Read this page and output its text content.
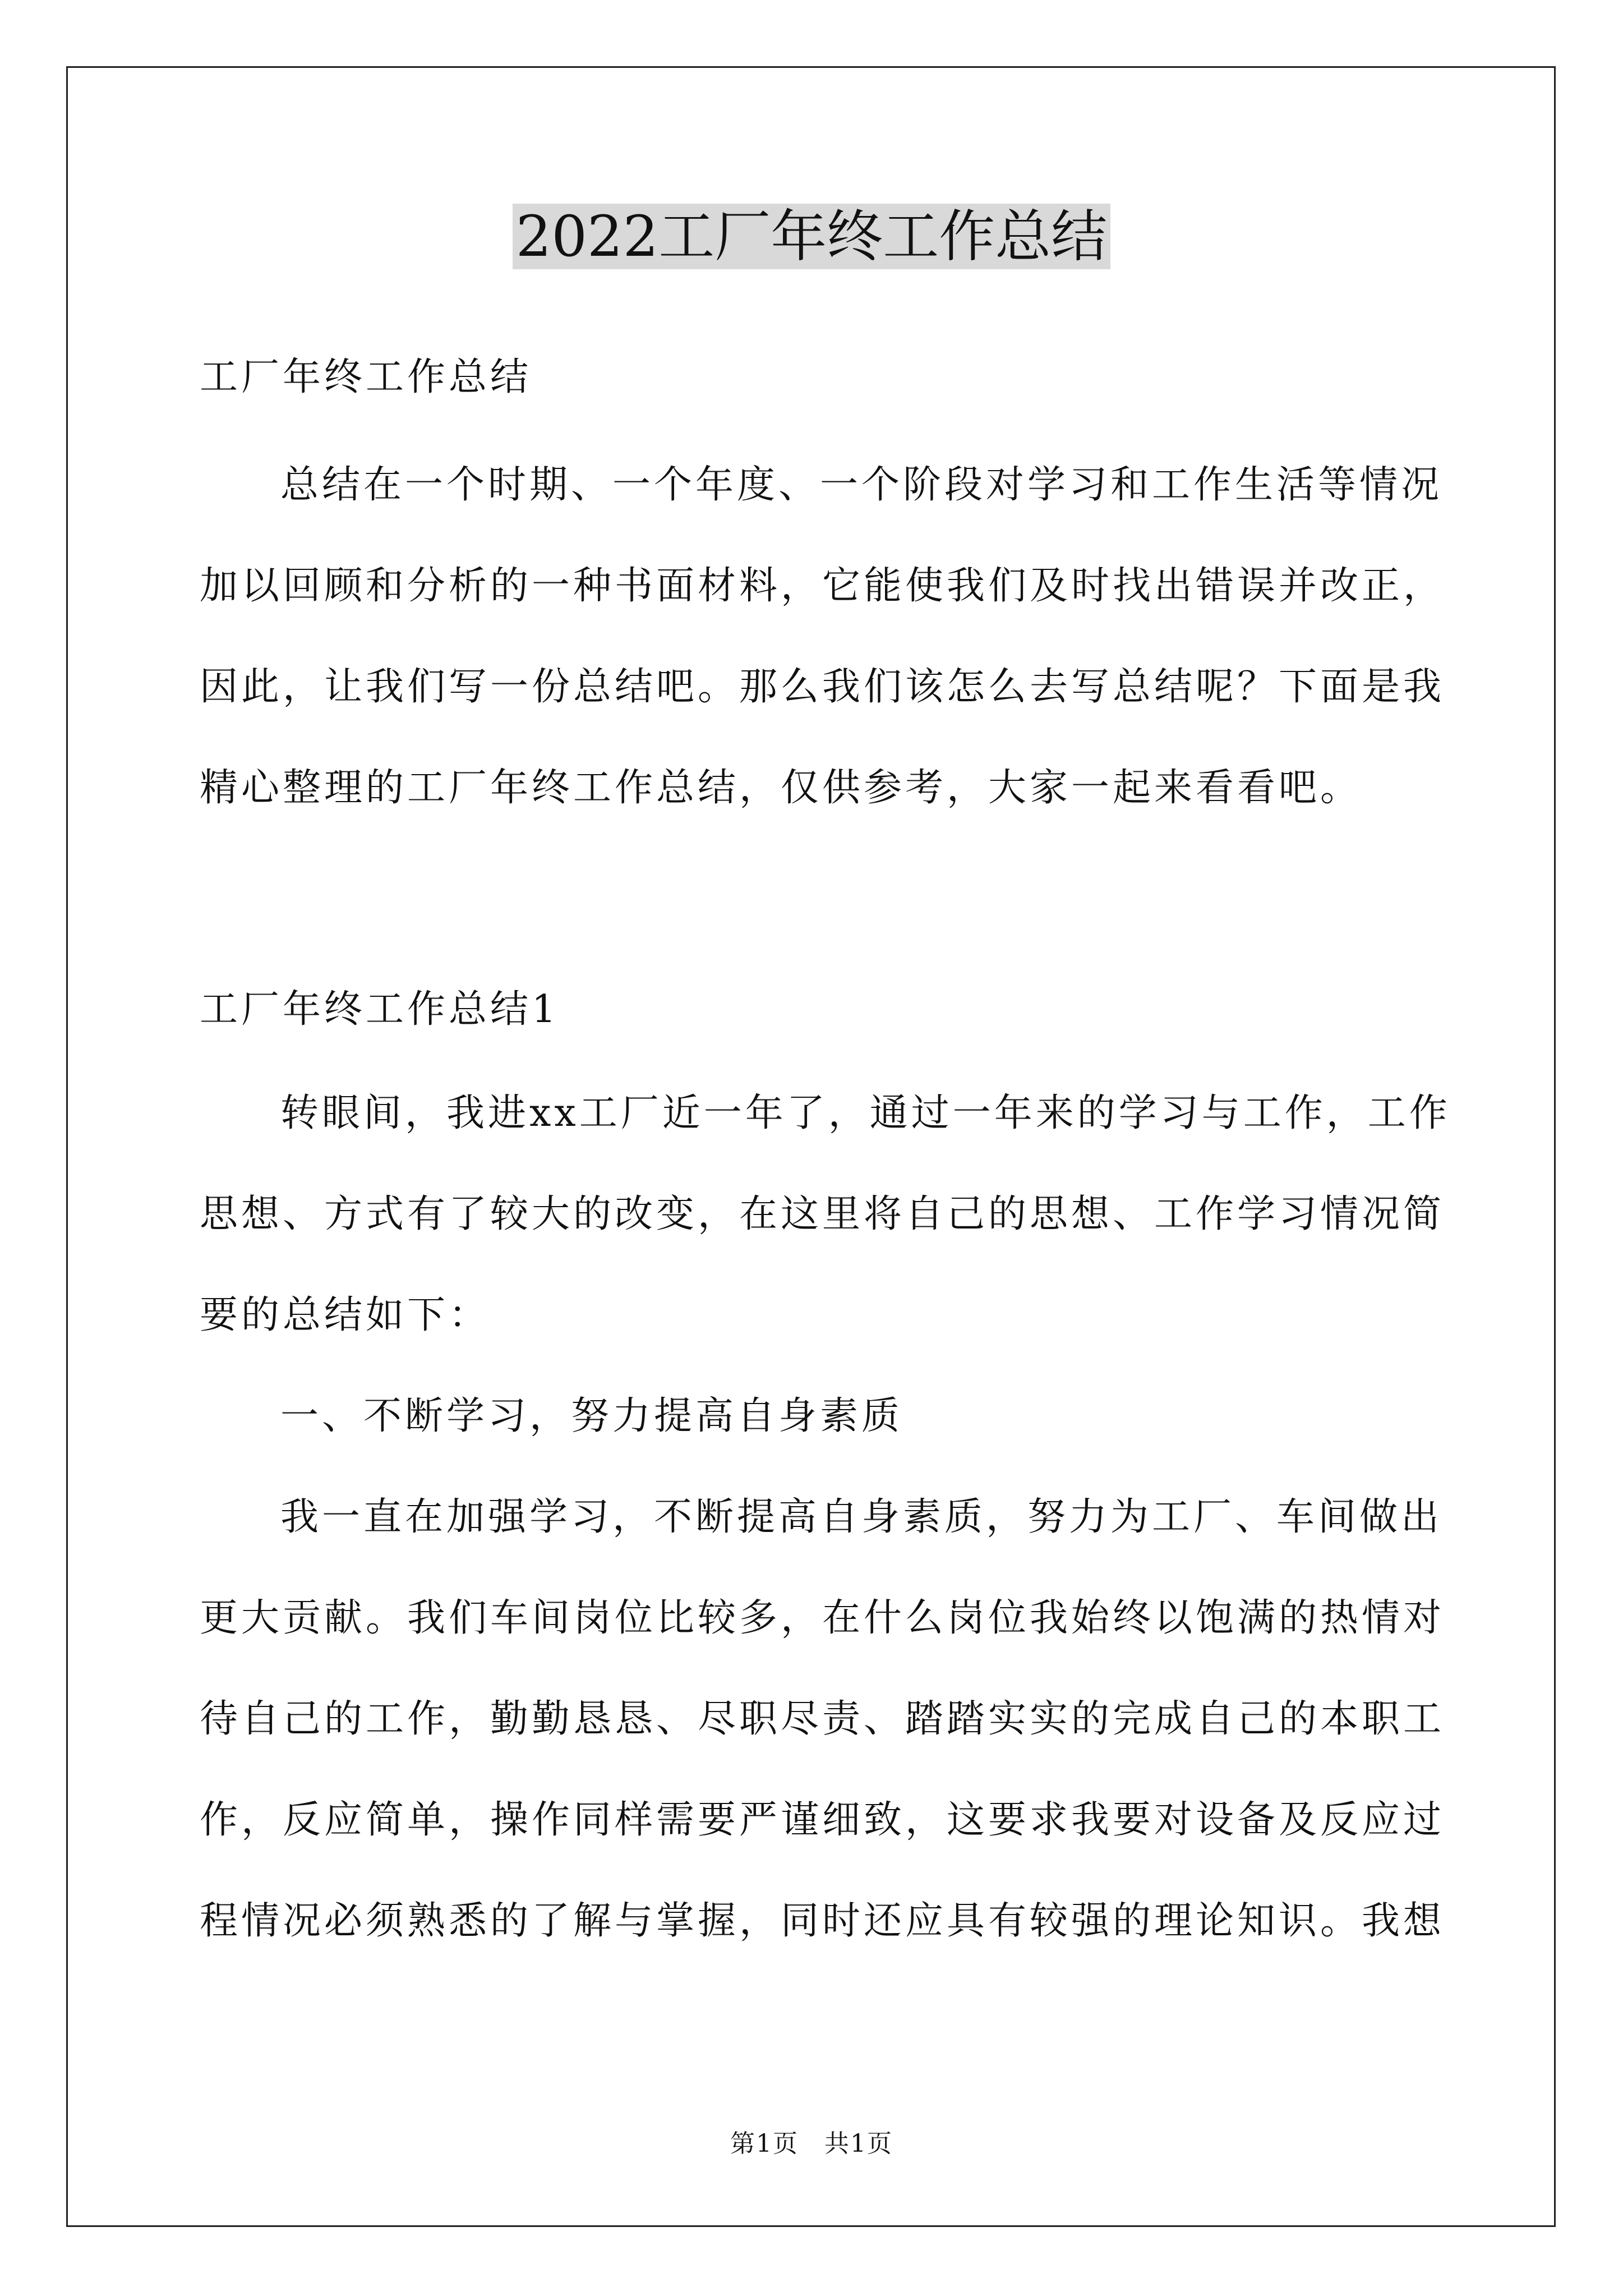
2022工厂年终工作总结
工厂年终工作总结
总结在一个时期、一个年度、一个阶段对学习和工作生活等情况
加以回顾和分析的一种书面材料，它能使我们及时找出错误并改正，
因此，让我们写一份总结吧。那么我们该怎么去写总结呢？下面是我
精心整理的工厂年终工作总结，仅供参考，大家一起来看看吧。
工厂年终工作总结1
转眼间，我进xx工厂近一年了，通过一年来的学习与工作，工作
思想、方式有了较大的改变，在这里将自己的思想、工作学习情况简
要的总结如下：
一、不断学习，努力提高自身素质
我一直在加强学习，不断提高自身素质，努力为工厂、车间做出
更大贡献。我们车间岗位比较多，在什么岗位我始终以饱满的热情对
待自己的工作，勤勤恳恳、尽职尽责、踏踏实实的完成自己的本职工
作，反应简单，操作同样需要严谨细致，这要求我要对设备及反应过
程情况必须熟悉的了解与掌握，同时还应具有较强的理论知识。我想
第1页　共1页
